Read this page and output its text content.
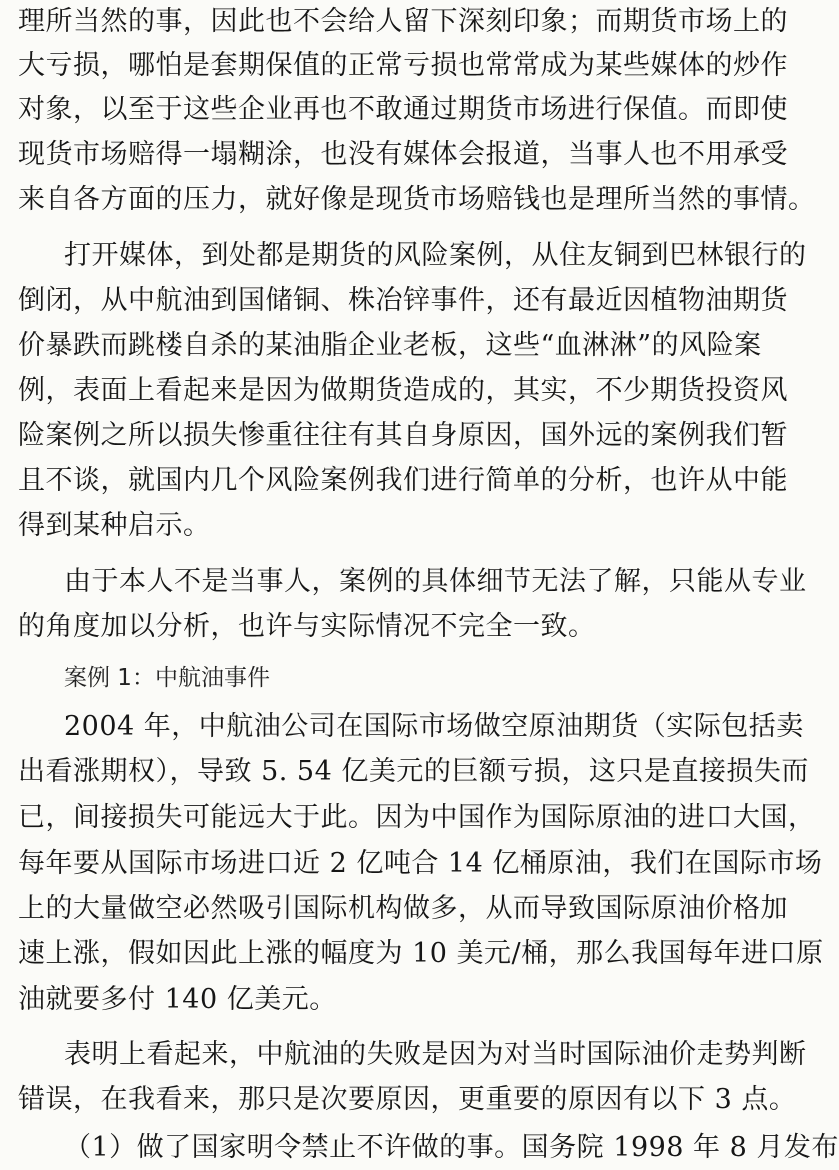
理所当然的事，因此也不会给人留下深刻印象；而期货市场上的
大亏损，哪怕是套期保值的正常亏损也常常成为某些媒体的炒作
对象，以至于这些企业再也不敢通过期货市场进行保值。而即使
现货市场赔得一塌糊涂，也没有媒体会报道，当事人也不用承受
来自各方面的压力，就好像是现货市场赔钱也是理所当然的事情。
打开媒体，到处都是期货的风险案例，从住友铜到巴林银行的
倒闭，从中航油到国储铜、株冶锌事件，还有最近因植物油期货
价暴跌而跳楼自杀的某油脂企业老板，这些“血淋淋”的风险案
例，表面上看起来是因为做期货造成的，其实，不少期货投资风
险案例之所以损失惨重往往有其自身原因，国外远的案例我们暂
且不谈，就国内几个风险案例我们进行简单的分析，也许从中能
得到某种启示。
由于本人不是当事人，案例的具体细节无法了解，只能从专业
的角度加以分析，也许与实际情况不完全一致。
案例 1：中航油事件
2004 年，中航油公司在国际市场做空原油期货（实际包括卖
出看涨期权），导致 5. 54 亿美元的巨额亏损，这只是直接损失而
已，间接损失可能远大于此。因为中国作为国际原油的进口大国，
每年要从国际市场进口近 2 亿吨合 14 亿桶原油，我们在国际市场
上的大量做空必然吸引国际机构做多，从而导致国际原油价格加
速上涨，假如因此上涨的幅度为 10 美元/桶，那么我国每年进口原
油就要多付 140 亿美元。
表明上看起来，中航油的失败是因为对当时国际油价走势判断
错误，在我看来，那只是次要原因，更重要的原因有以下 3 点。
（1）做了国家明令禁止不许做的事。国务院 1998 年 8 月发布
